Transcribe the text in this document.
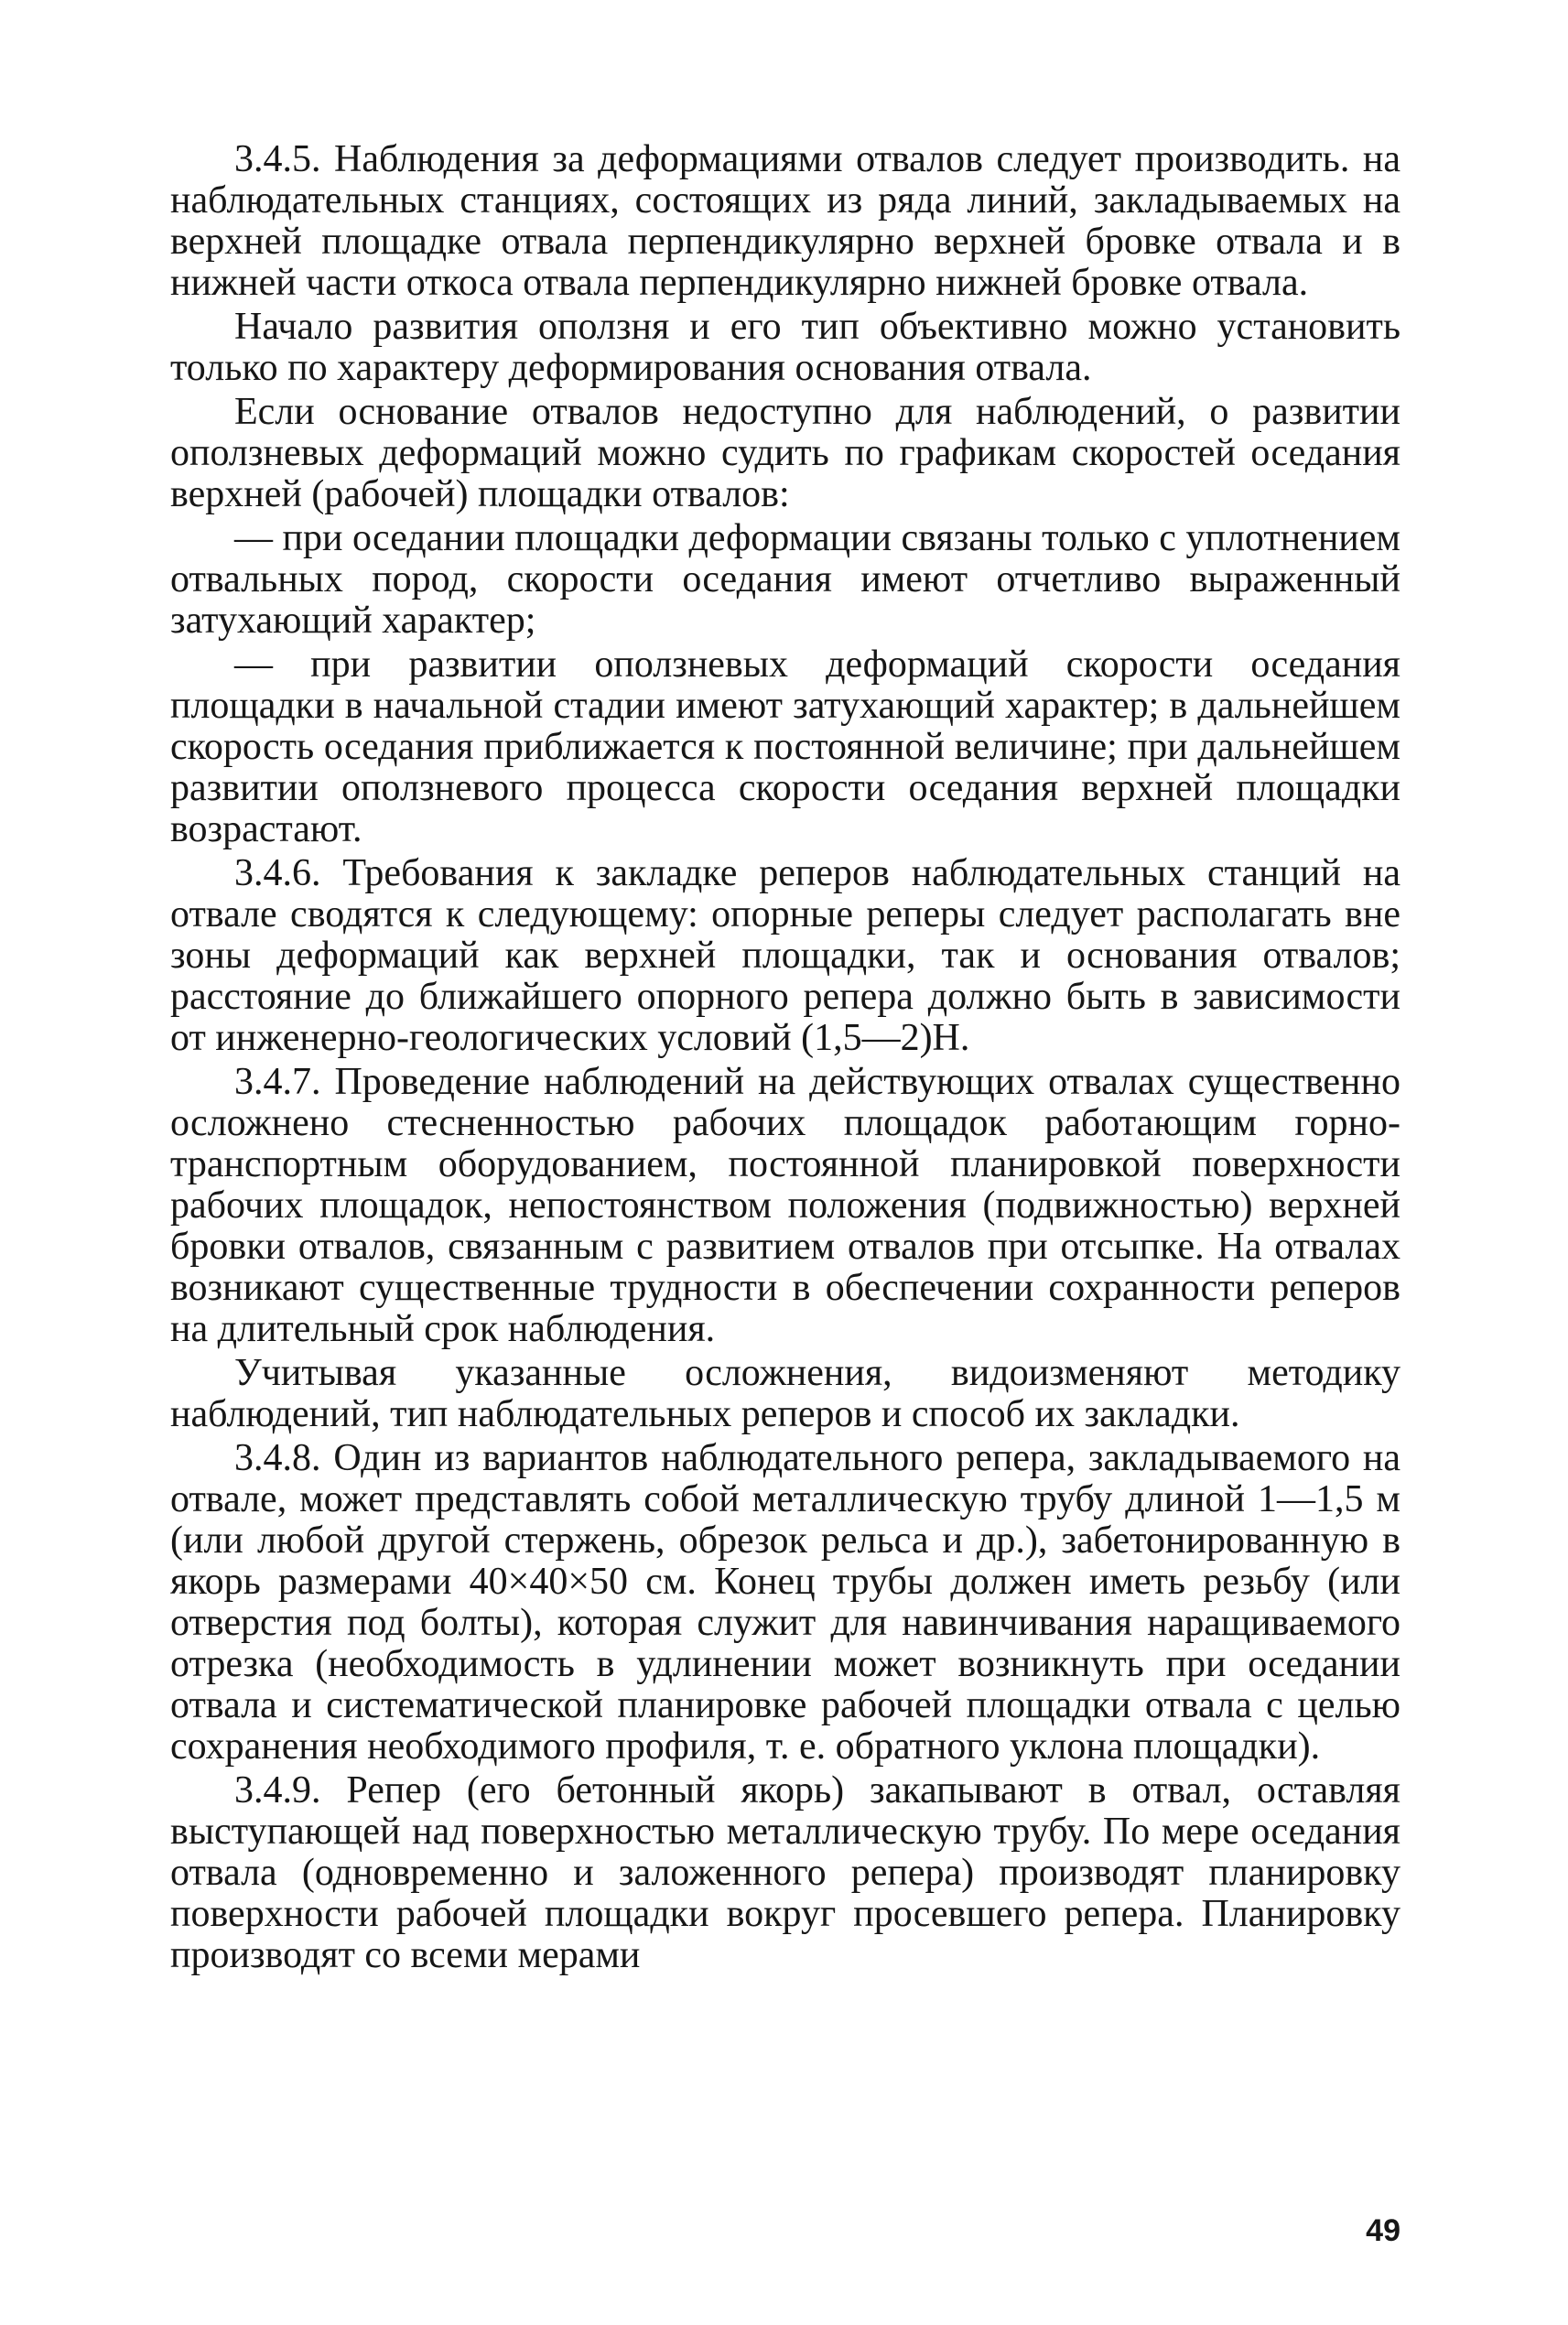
3.4.5. Наблюдения за деформациями отвалов следует производить. на наблюдательных станциях, состоящих из ряда линий, закладываемых на верхней площадке отвала перпендикулярно верхней бровке отвала и в нижней части откоса отвала перпендикулярно нижней бровке отвала.

Начало развития оползня и его тип объективно можно установить только по характеру деформирования основания отвала.

Если основание отвалов недоступно для наблюдений, о развитии оползневых деформаций можно судить по графикам скоростей оседания верхней (рабочей) площадки отвалов:

— при оседании площадки деформации связаны только с уплотнением отвальных пород, скорости оседания имеют отчетливо выраженный затухающий характер;

— при развитии оползневых деформаций скорости оседания площадки в начальной стадии имеют затухающий характер; в дальнейшем скорость оседания приближается к постоянной величине; при дальнейшем развитии оползневого процесса скорости оседания верхней площадки возрастают.

3.4.6. Требования к закладке реперов наблюдательных станций на отвале сводятся к следующему: опорные реперы следует располагать вне зоны деформаций как верхней площадки, так и основания отвалов; расстояние до ближайшего опорного репера должно быть в зависимости от инженерно-геологических условий (1,5—2)Н.

3.4.7. Проведение наблюдений на действующих отвалах существенно осложнено стесненностью рабочих площадок работающим горно-транспортным оборудованием, постоянной планировкой поверхности рабочих площадок, непостоянством положения (подвижностью) верхней бровки отвалов, связанным с развитием отвалов при отсыпке. На отвалах возникают существенные трудности в обеспечении сохранности реперов на длительный срок наблюдения.

Учитывая указанные осложнения, видоизменяют методику наблюдений, тип наблюдательных реперов и способ их закладки.

3.4.8. Один из вариантов наблюдательного репера, закладываемого на отвале, может представлять собой металлическую трубу длиной 1—1,5 м (или любой другой стержень, обрезок рельса и др.), забетонированную в якорь размерами 40×40×50 см. Конец трубы должен иметь резьбу (или отверстия под болты), которая служит для навинчивания наращиваемого отрезка (необходимость в удлинении может возникнуть при оседании отвала и систематической планировке рабочей площадки отвала с целью сохранения необходимого профиля, т. е. обратного уклона площадки).

3.4.9. Репер (его бетонный якорь) закапывают в отвал, оставляя выступающей над поверхностью металлическую трубу. По мере оседания отвала (одновременно и заложенного репера) производят планировку поверхности рабочей площадки вокруг просевшего репера. Планировку производят со всеми мерами

49
